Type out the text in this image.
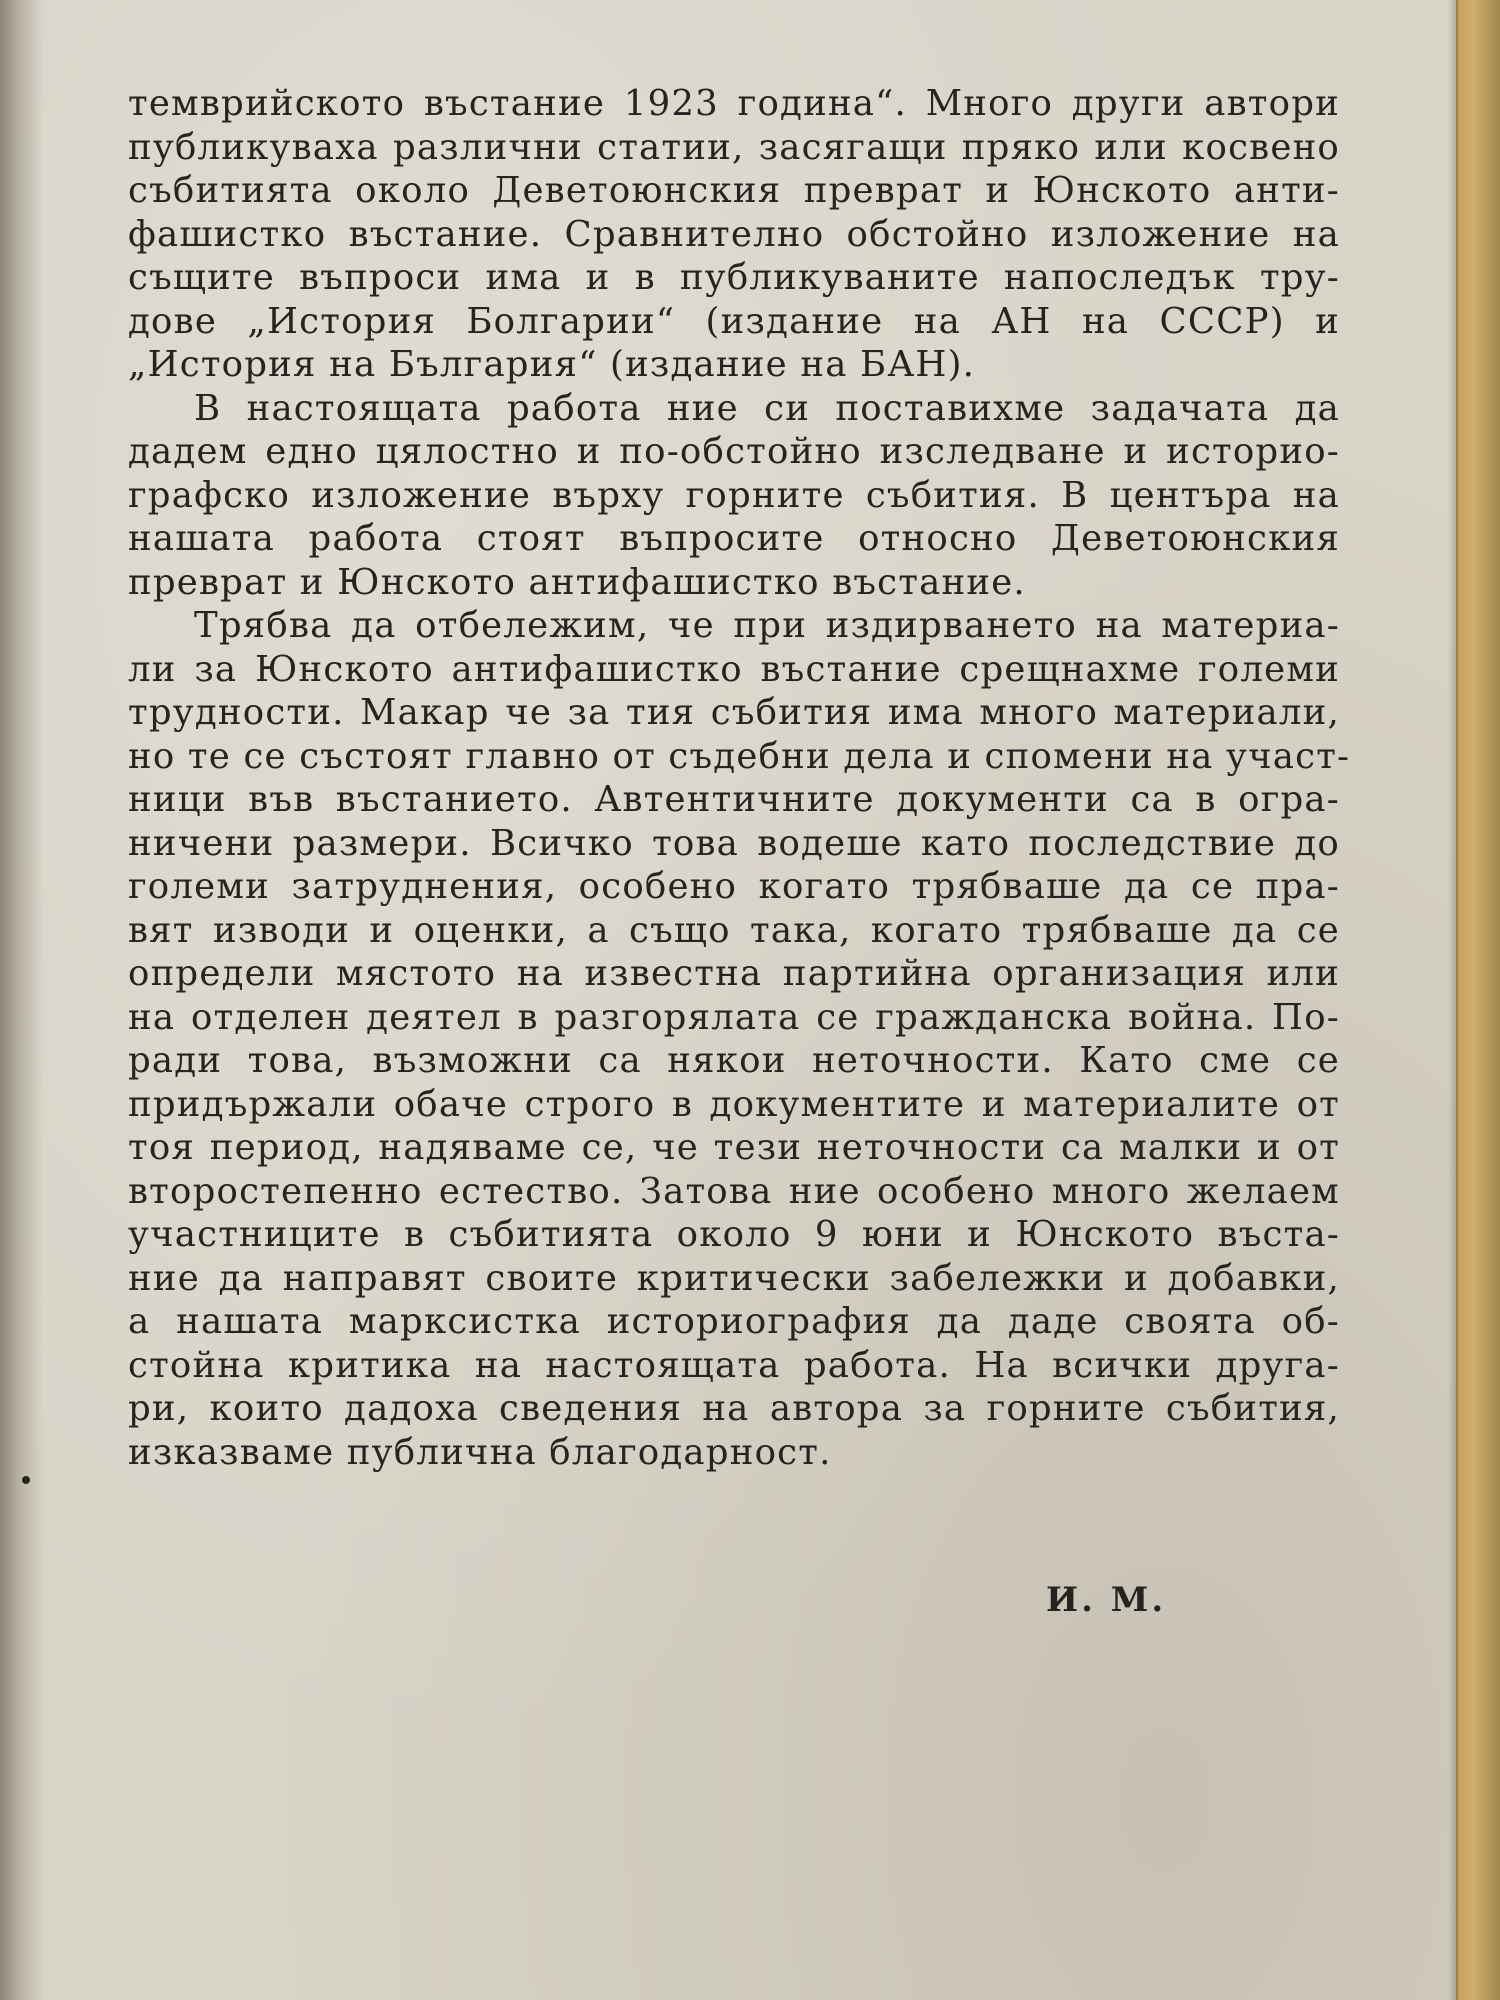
темврийското въстание 1923 година“. Много други автори
публикуваха различни статии, засягащи пряко или косвено
събитията около Деветоюнския преврат и Юнското анти-
фашистко въстание. Сравнително обстойно изложение на
същите въпроси има и в публикуваните напоследък тру-
дове „История Болгарии“ (издание на АН на СССР) и
„История на България“ (издание на БАН).
В настоящата работа ние си поставихме задачата да
дадем едно цялостно и по-обстойно изследване и историо-
графско изложение върху горните събития. В центъра на
нашата работа стоят въпросите относно Деветоюнския
преврат и Юнското антифашистко въстание.
Трябва да отбележим, че при издирването на материа-
ли за Юнското антифашистко въстание срещнахме големи
трудности. Макар че за тия събития има много материали,
но те се състоят главно от съдебни дела и спомени на участ-
ници във въстанието. Автентичните документи са в огра-
ничени размери. Всичко това водеше като последствие до
големи затруднения, особено когато трябваше да се пра-
вят изводи и оценки, а също така, когато трябваше да се
определи мястото на известна партийна организация или
на отделен деятел в разгорялата се гражданска война. По-
ради това, възможни са някои неточности. Като сме се
придържали обаче строго в документите и материалите от
тоя период, надяваме се, че тези неточности са малки и от
второстепенно естество. Затова ние особено много желаем
участниците в събитията около 9 юни и Юнското въста-
ние да направят своите критически забележки и добавки,
а нашата марксистка историография да даде своята об-
стойна критика на настоящата работа. На всички друга-
ри, които дадоха сведения на автора за горните събития,
изказваме публична благодарност.
И. М.
